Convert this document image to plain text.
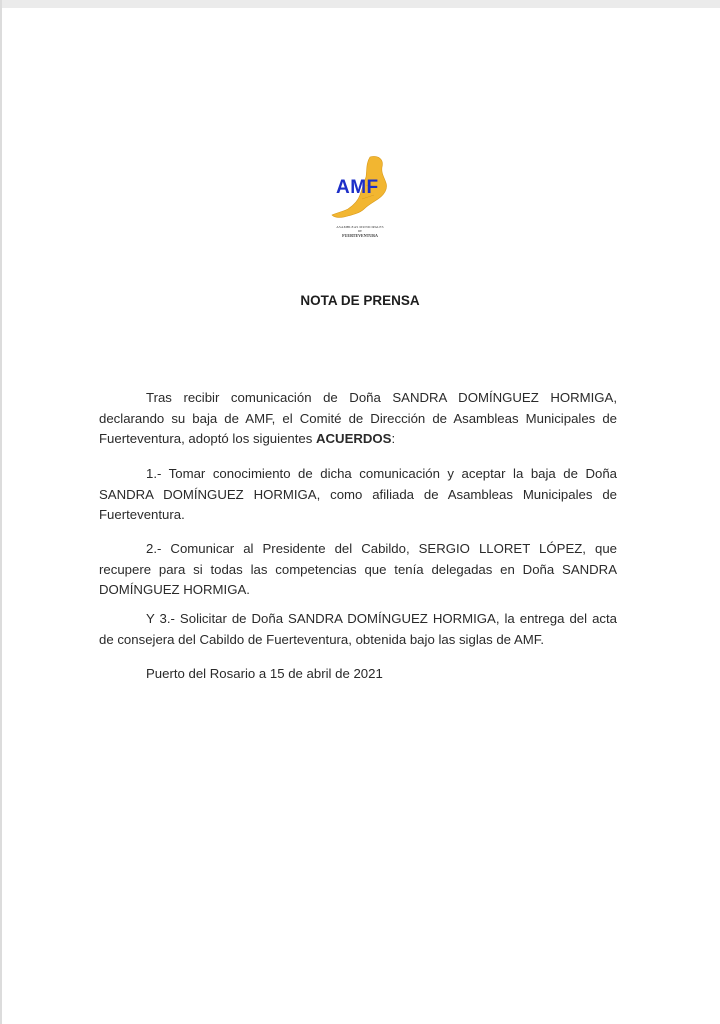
AMF
ASAMBLEAS MUNICIPALES
DE
FUERTEVENTURA
NOTA DE PRENSA
Tras recibir comunicación de Doña SANDRA DOMÍNGUEZ HORMIGA, declarando su baja de AMF, el Comité de Dirección de Asambleas Municipales de Fuerteventura, adoptó los siguientes ACUERDOS:
1.- Tomar conocimiento de dicha comunicación y aceptar la baja de Doña SANDRA DOMÍNGUEZ HORMIGA, como afiliada de Asambleas Municipales de Fuerteventura.
2.- Comunicar al Presidente del Cabildo, SERGIO LLORET LÓPEZ, que recupere para si todas las competencias que tenía delegadas en Doña SANDRA DOMÍNGUEZ HORMIGA.
Y 3.- Solicitar de Doña SANDRA DOMÍNGUEZ HORMIGA, la entrega del acta de consejera del Cabildo de Fuerteventura, obtenida bajo las siglas de AMF.
Puerto del Rosario a 15 de abril de 2021
